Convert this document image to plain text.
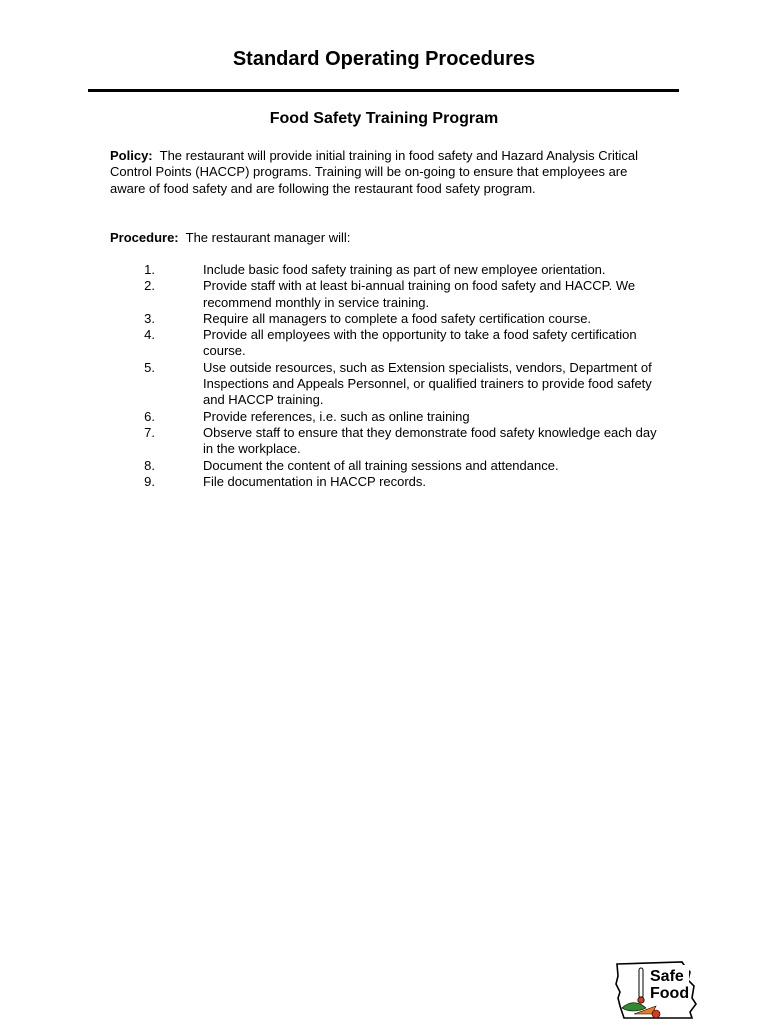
Standard Operating Procedures
Food Safety Training Program
Policy: The restaurant will provide initial training in food safety and Hazard Analysis Critical Control Points (HACCP) programs. Training will be on-going to ensure that employees are aware of food safety and are following the restaurant food safety program.
Procedure: The restaurant manager will:
1.	Include basic food safety training as part of new employee orientation.
2.	Provide staff with at least bi-annual training on food safety and HACCP. We recommend monthly in service training.
3.	Require all managers to complete a food safety certification course.
4.	Provide all employees with the opportunity to take a food safety certification course.
5.	Use outside resources, such as Extension specialists, vendors, Department of Inspections and Appeals Personnel, or qualified trainers to provide food safety and HACCP training.
6.	Provide references, i.e. such as online training
7.	Observe staff to ensure that they demonstrate food safety knowledge each day in the workplace.
8.	Document the content of all training sessions and attendance.
9.	File documentation in HACCP records.
Safe
Food
